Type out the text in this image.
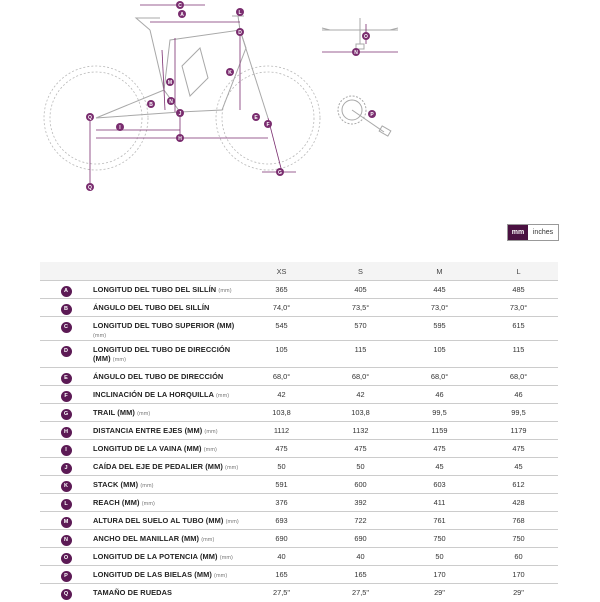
C
A
D
M
F
E
G
H
I
J
K
L
N
B
Q
Q
O
N
P
mm	inches
		XS	S	M	L
A	LONGITUD DEL TUBO DEL SILLÍN (mm)	365	405	445	485
B	ÁNGULO DEL TUBO DEL SILLÍN	74,0°	73,5°	73,0°	73,0°
C	LONGITUD DEL TUBO SUPERIOR (MM) (mm)	545	570	595	615
D	LONGITUD DEL TUBO DE DIRECCIÓN (MM) (mm)	105	115	105	115
E	ÁNGULO DEL TUBO DE DIRECCIÓN	68,0°	68,0°	68,0°	68,0°
F	INCLINACIÓN DE LA HORQUILLA (mm)	42	42	46	46
G	TRAIL (MM) (mm)	103,8	103,8	99,5	99,5
H	DISTANCIA ENTRE EJES (MM) (mm)	1112	1132	1159	1179
I	LONGITUD DE LA VAINA (MM) (mm)	475	475	475	475
J	CAÍDA DEL EJE DE PEDALIER (MM) (mm)	50	50	45	45
K	STACK (MM) (mm)	591	600	603	612
L	REACH (MM) (mm)	376	392	411	428
M	ALTURA DEL SUELO AL TUBO (MM) (mm)	693	722	761	768
N	ANCHO DEL MANILLAR (MM) (mm)	690	690	750	750
O	LONGITUD DE LA POTENCIA (MM) (mm)	40	40	50	60
P	LONGITUD DE LAS BIELAS (MM) (mm)	165	165	170	170
Q	TAMAÑO DE RUEDAS	27,5"	27,5"	29"	29"
